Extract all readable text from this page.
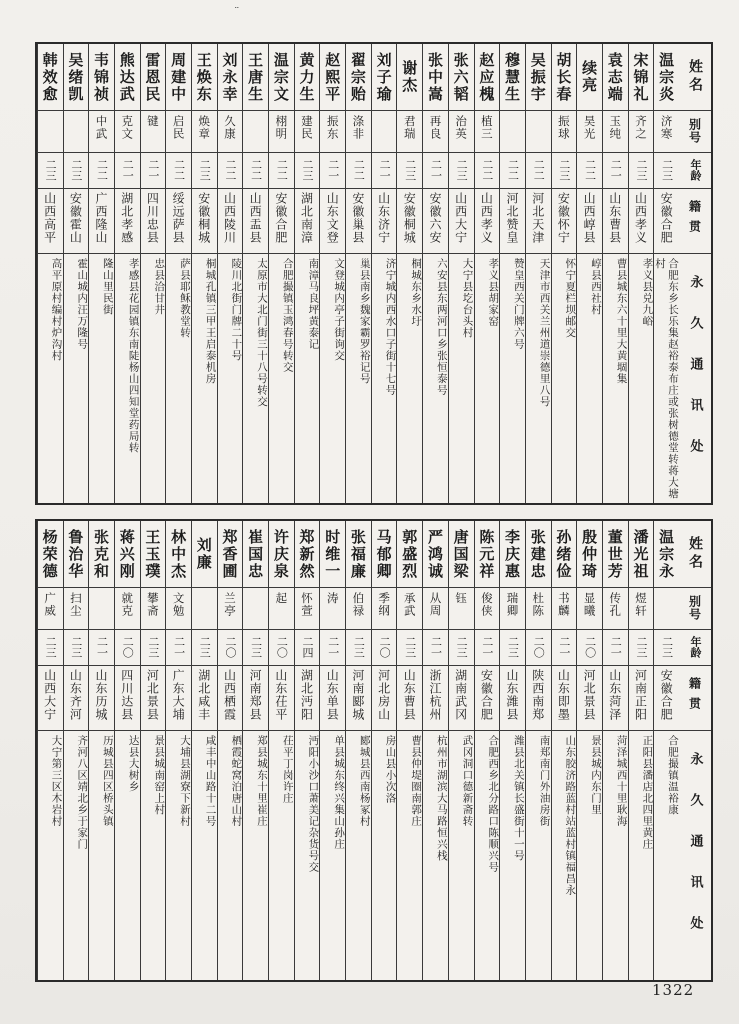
¨
姓名
别号
年龄
籍贯
永久通讯处
温宗炎
济寒
二三
安徽合肥
合肥东乡长乐集赵裕泰布庄或张树德堂转蒋大塘村
宋锦礼
齐之
二三
山西孝义
孝义县兑九峪
袁志端
玉纯
二一
山东曹县
曹县城东六十里大黄堌集
续亮
昊光
二二
山西崞县
崞县西社村
胡长春
振球
二三
安徽怀宁
怀宁夏栏坝邮交
吴振宇
二二
河北天津
天津市西关兰州道崇德里八号
穆慧生
二二
河北赞皇
赞皇西关门牌六号
赵应槐
植三
二二
山西孝义
孝义县胡家窑
张六韬
治英
二三
山西大宁
大宁县圪台头村
张中嵩
再良
二一
安徽六安
六安县东两河口乡张恒泰号
谢杰
君瑞
二三
安徽桐城
桐城东乡水圩
刘子瑜
二一
山东济宁
济宁城内西水口子街十七号
翟宗贻
涤非
二二
安徽巢县
巢县南乡魏家霸罗裕记号
赵熙平
振东
二一
山东文登
文登城内亭子街询交
黄力生
建民
二三
湖北南漳
南漳马良坪黄泰记
温宗文
栩明
二二
安徽合肥
合肥撮镇玉鸿春号转交
王唐生
二二
山西盂县
太原市大北门街三十八号转交
刘永幸
久康
二二
山西陵川
陵川北街门牌二十号
王焕东
焕章
二三
安徽桐城
桐城孔镇三甲王启泰机房
周建中
启民
二二
绥远萨县
萨县耶稣教堂转
雷恩民
键
二一
四川忠县
忠县洽甘井
熊达武
克文
二一
湖北孝感
孝感县花园镇东南陡杨山四知堂药局转
韦锦祯
中武
二二
广西隆山
隆山里民街
吴绪凯
二三
安徽霍山
霍山城内汪万隆号
韩效愈
二三
山西高平
高平原村编村炉沟村
姓名
别号
年龄
籍贯
永久通讯处
温宗永
二三
安徽合肥
合肥撮镇温裕康
潘光祖
煜轩
二三
河南正阳
正阳县潘店北四里黄庄
董世芳
传孔
二一
山东菏泽
菏泽城西十里耿海
殷仲琦
显曦
二〇
河北景县
景县城内东门里
孙绪俭
书麟
二一
山东即墨
山东胶济路蓝村站蓝村镇福昌永
张建忠
杜陈
二〇
陕西南郑
南郑南门外油房街
李庆惠
瑞卿
二三
山东潍县
潍县北关镇长盛街十一号
陈元祥
俊侠
二一
安徽合肥
合肥西乡北分路口陈顺兴号
唐国梁
钰
二三
湖南武冈
武冈洞口德新斋转
严鸿诚
从周
二一
浙江杭州
杭州市湖滨大马路恒兴栈
郭盛烈
承武
二三
山东曹县
曹县仲堤圈南郭庄
马郁卿
季纲
二〇
河北房山
房山县小次洛
张福廉
伯禄
二三
河南郾城
郾城县西南杨冢村
时维一
涛
二一
山东单县
单县城东终兴集山孙庄
郑新然
怀萱
二四
湖北沔阳
沔阳小沙口萧美记杂货号交
许庆泉
起
二〇
山东茌平
茌平丁岗许庄
崔国忠
二三
河南郑县
郑县城东十里崔庄
郑香圃
兰亭
二〇
山西栖霞
栖霞蛇窝泊唐山村
刘廉
二三
湖北咸丰
咸丰中山路十二号
林中杰
文勉
二一
广东大埔
大埔县湖寮下新村
王玉璞
攀斋
二三
河北景县
景县城南窑上村
蒋兴刚
就克
二〇
四川达县
达县大树乡
张克和
二一
山东历城
历城县四区桥头镇
鲁治华
扫尘
二三
山东齐河
齐河八区靖北乡于家门
杨荣德
广威
二三
山西大宁
大宁第三区木岩村
1322
